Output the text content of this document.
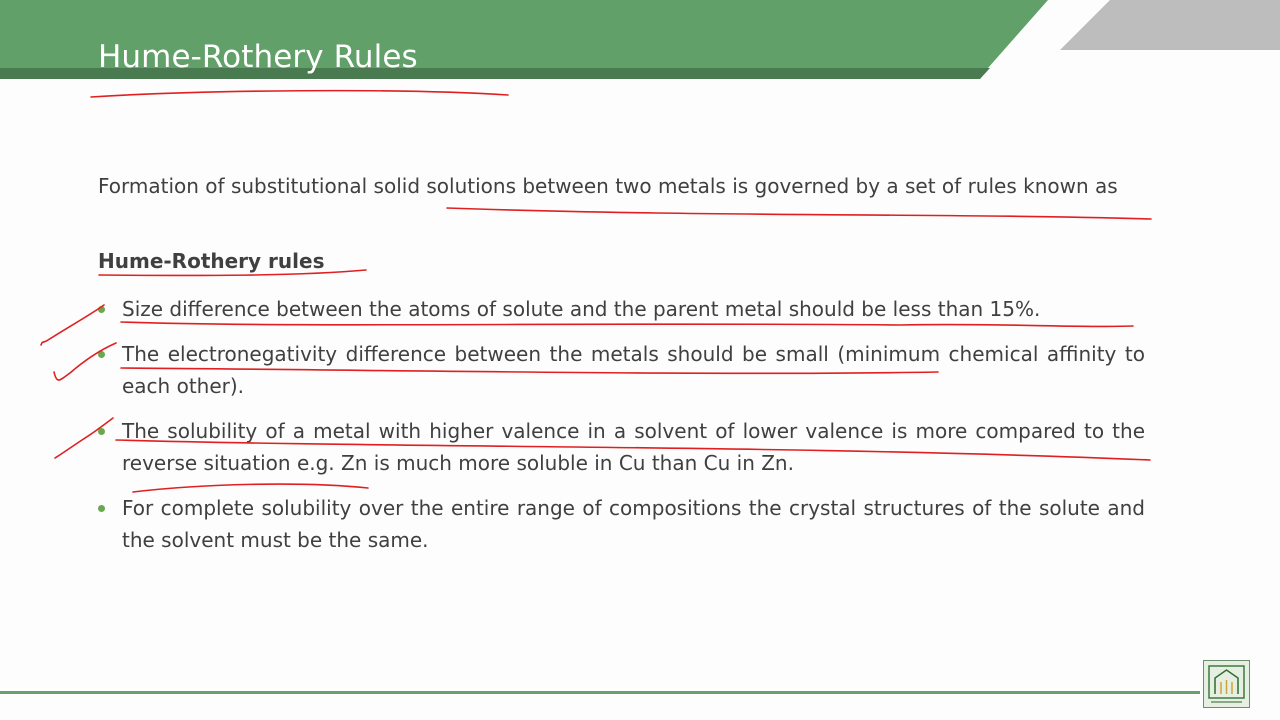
Hume-Rothery Rules

Formation of substitutional solid solutions between two metals is governed by a set of rules known as

Hume-Rothery rules
Size difference between the atoms of solute and the parent metal should be less than 15%.
The electronegativity difference between the metals should be small (minimum chemical affinity to each other).
The solubility of a metal with higher valence in a solvent of lower valence is more compared to the reverse situation e.g. Zn is much more soluble in Cu than Cu in Zn.
For complete solubility over the entire range of compositions the crystal structures of the solute and the solvent must be the same.
